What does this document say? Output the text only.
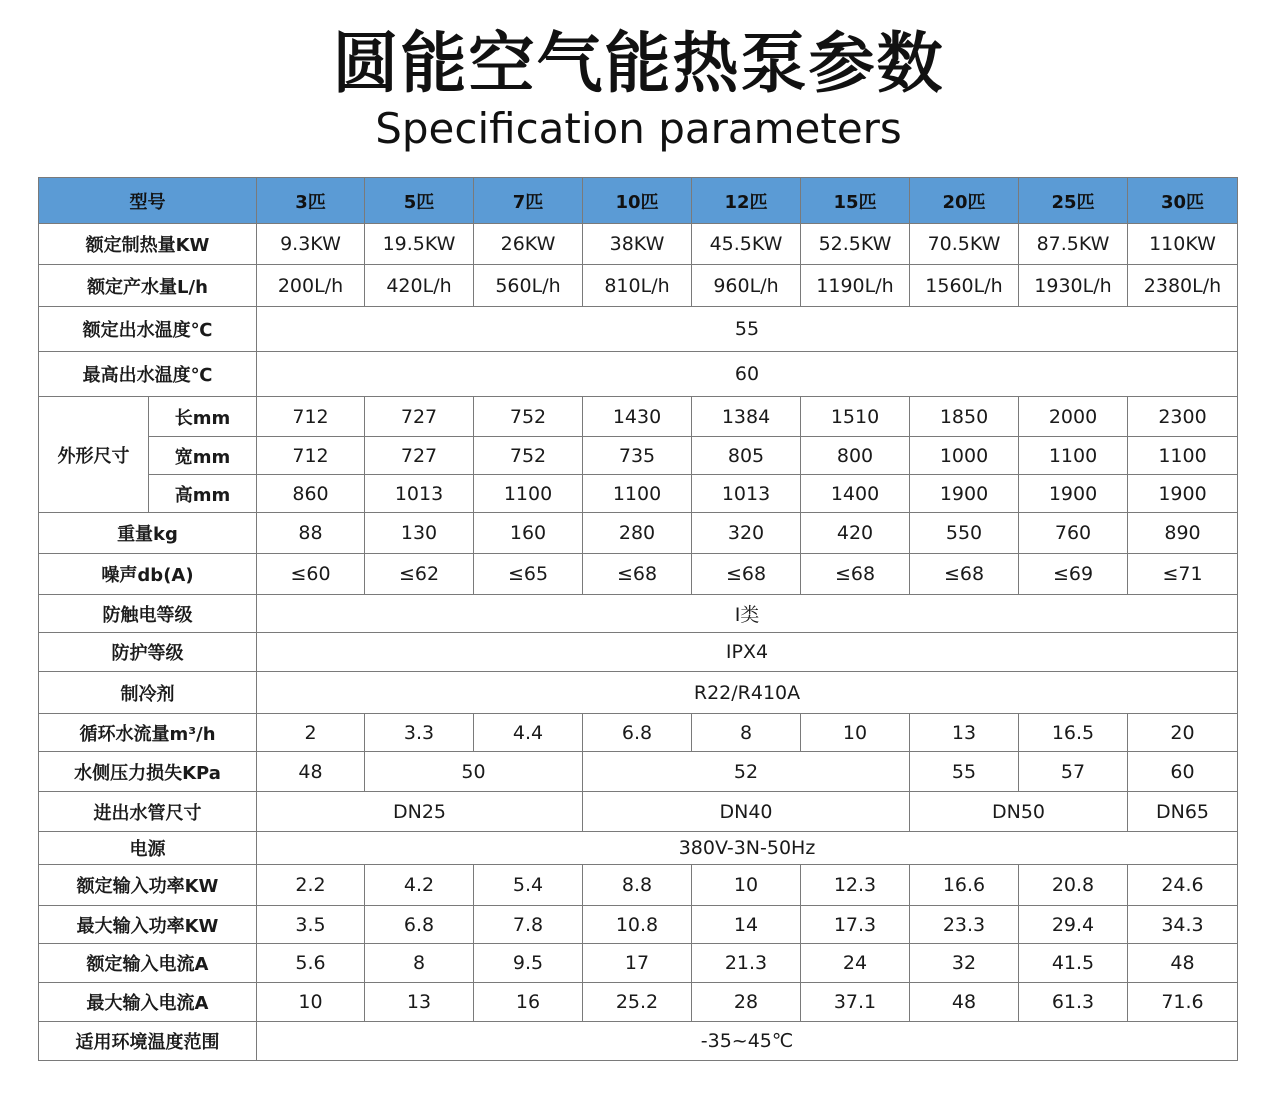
圆能空气能热泵参数
Specification parameters
型号		3匹	5匹	7匹	10匹	12匹	15匹	20匹	25匹	30匹
额定制热量KW		9.3KW	19.5KW	26KW	38KW	45.5KW	52.5KW	70.5KW	87.5KW	110KW
额定产水量L/h		200L/h	420L/h	560L/h	810L/h	960L/h	1190L/h	1560L/h	1930L/h	2380L/h
额定出水温度℃		55								
最高出水温度℃		60								
外形尺寸	长mm	712	727	752	1430	1384	1510	1850	2000	2300
	宽mm	712	727	752	735	805	800	1000	1100	1100
	高mm	860	1013	1100	1100	1013	1400	1900	1900	1900
重量kg		88	130	160	280	320	420	550	760	890
噪声db(A)		≤60	≤62	≤65	≤68	≤68	≤68	≤68	≤69	≤71
防触电等级		I类								
防护等级		IPX4								
制冷剂		R22/R410A								
循环水流量m³/h		2	3.3	4.4	6.8	8	10	13	16.5	20
水侧压力损失KPa		48	50		52			55	57	60
进出水管尺寸		DN25			DN40			DN50		DN65
电源		380V-3N-50Hz								
额定输入功率KW		2.2	4.2	5.4	8.8	10	12.3	16.6	20.8	24.6
最大输入功率KW		3.5	6.8	7.8	10.8	14	17.3	23.3	29.4	34.3
额定输入电流A		5.6	8	9.5	17	21.3	24	32	41.5	48
最大输入电流A		10	13	16	25.2	28	37.1	48	61.3	71.6
适用环境温度范围		-35~45℃								
